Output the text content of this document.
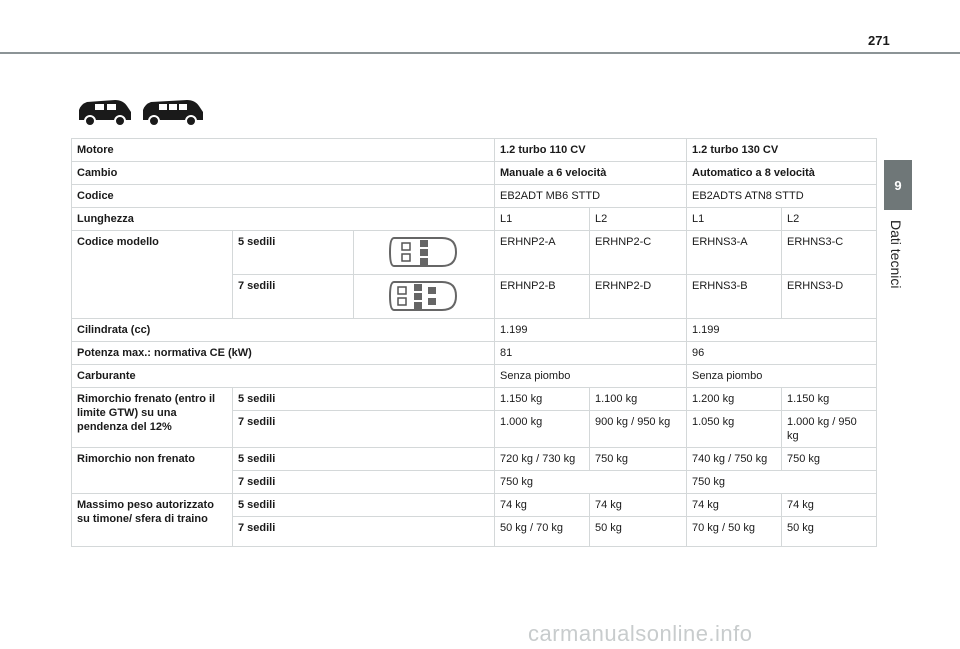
271
9
Dati tecnici
Motore			1.2 turbo 110 CV		1.2 turbo 130 CV	
Cambio			Manuale a 6 velocità		Automatico a 8 velocità	
Codice			EB2ADT MB6 STTD		EB2ADTS ATN8 STTD	
Lunghezza			L1	L2	L1	L2
Codice modello	5 sedili		ERHNP2-A	ERHNP2-C	ERHNS3-A	ERHNS3-C
	7 sedili		ERHNP2-B	ERHNP2-D	ERHNS3-B	ERHNS3-D
Cilindrata (cc)			1.199		1.199	
Potenza max.: normativa CE (kW)			81		96	
Carburante			Senza piombo		Senza piombo	
Rimorchio frenato (entro il limite GTW) su una pendenza del 12%	5 sedili		1.150 kg	1.100 kg	1.200 kg	1.150 kg
	7 sedili		1.000 kg	900 kg / 950 kg	1.050 kg	1.000 kg / 950 kg
Rimorchio non frenato	5 sedili		720 kg / 730 kg	750 kg	740 kg / 750 kg	750 kg
	7 sedili		750 kg		750 kg	
Massimo peso autorizzato su timone/ sfera di traino	5 sedili		74 kg	74 kg	74 kg	74 kg
	7 sedili		50 kg / 70 kg	50 kg	70 kg / 50 kg	50 kg
carmanualsonline.info
